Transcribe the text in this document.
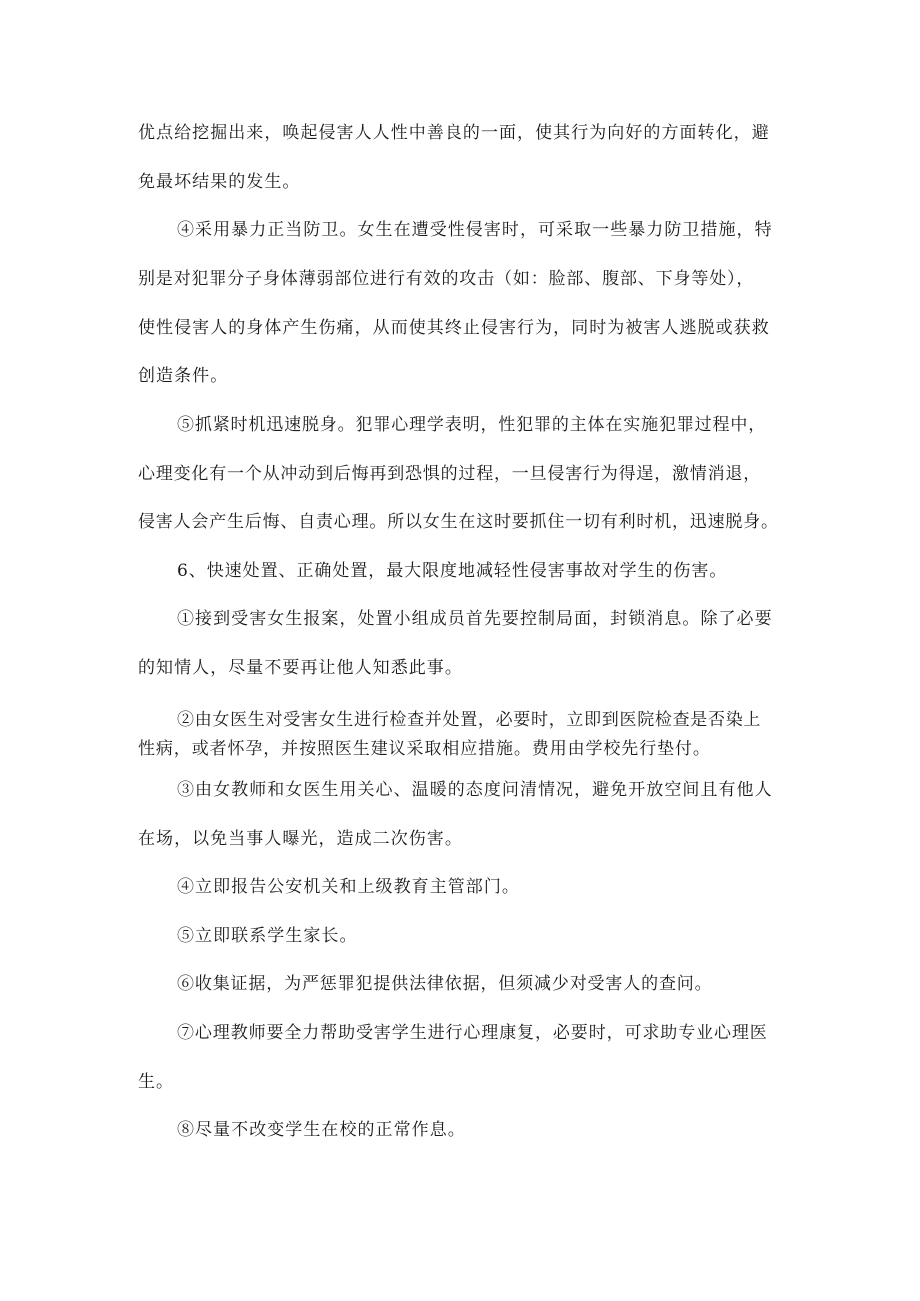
优点给挖掘出来，唤起侵害人人性中善良的一面，使其行为向好的方面转化，避
免最坏结果的发生。
④采用暴力正当防卫。女生在遭受性侵害时，可采取一些暴力防卫措施，特
别是对犯罪分子身体薄弱部位进行有效的攻击（如：脸部、腹部、下身等处），
使性侵害人的身体产生伤痛，从而使其终止侵害行为，同时为被害人逃脱或获救
创造条件。
⑤抓紧时机迅速脱身。犯罪心理学表明，性犯罪的主体在实施犯罪过程中，
心理变化有一个从冲动到后悔再到恐惧的过程，一旦侵害行为得逞，激情消退，
侵害人会产生后悔、自责心理。所以女生在这时要抓住一切有利时机，迅速脱身。
6、快速处置、正确处置，最大限度地减轻性侵害事故对学生的伤害。
①接到受害女生报案，处置小组成员首先要控制局面，封锁消息。除了必要
的知情人，尽量不要再让他人知悉此事。
②由女医生对受害女生进行检查并处置，必要时，立即到医院检查是否染上
性病，或者怀孕，并按照医生建议采取相应措施。费用由学校先行垫付。
③由女教师和女医生用关心、温暖的态度问清情况，避免开放空间且有他人
在场，以免当事人曝光，造成二次伤害。
④立即报告公安机关和上级教育主管部门。
⑤立即联系学生家长。
⑥收集证据，为严惩罪犯提供法律依据，但须减少对受害人的查问。
⑦心理教师要全力帮助受害学生进行心理康复，必要时，可求助专业心理医
生。
⑧尽量不改变学生在校的正常作息。
